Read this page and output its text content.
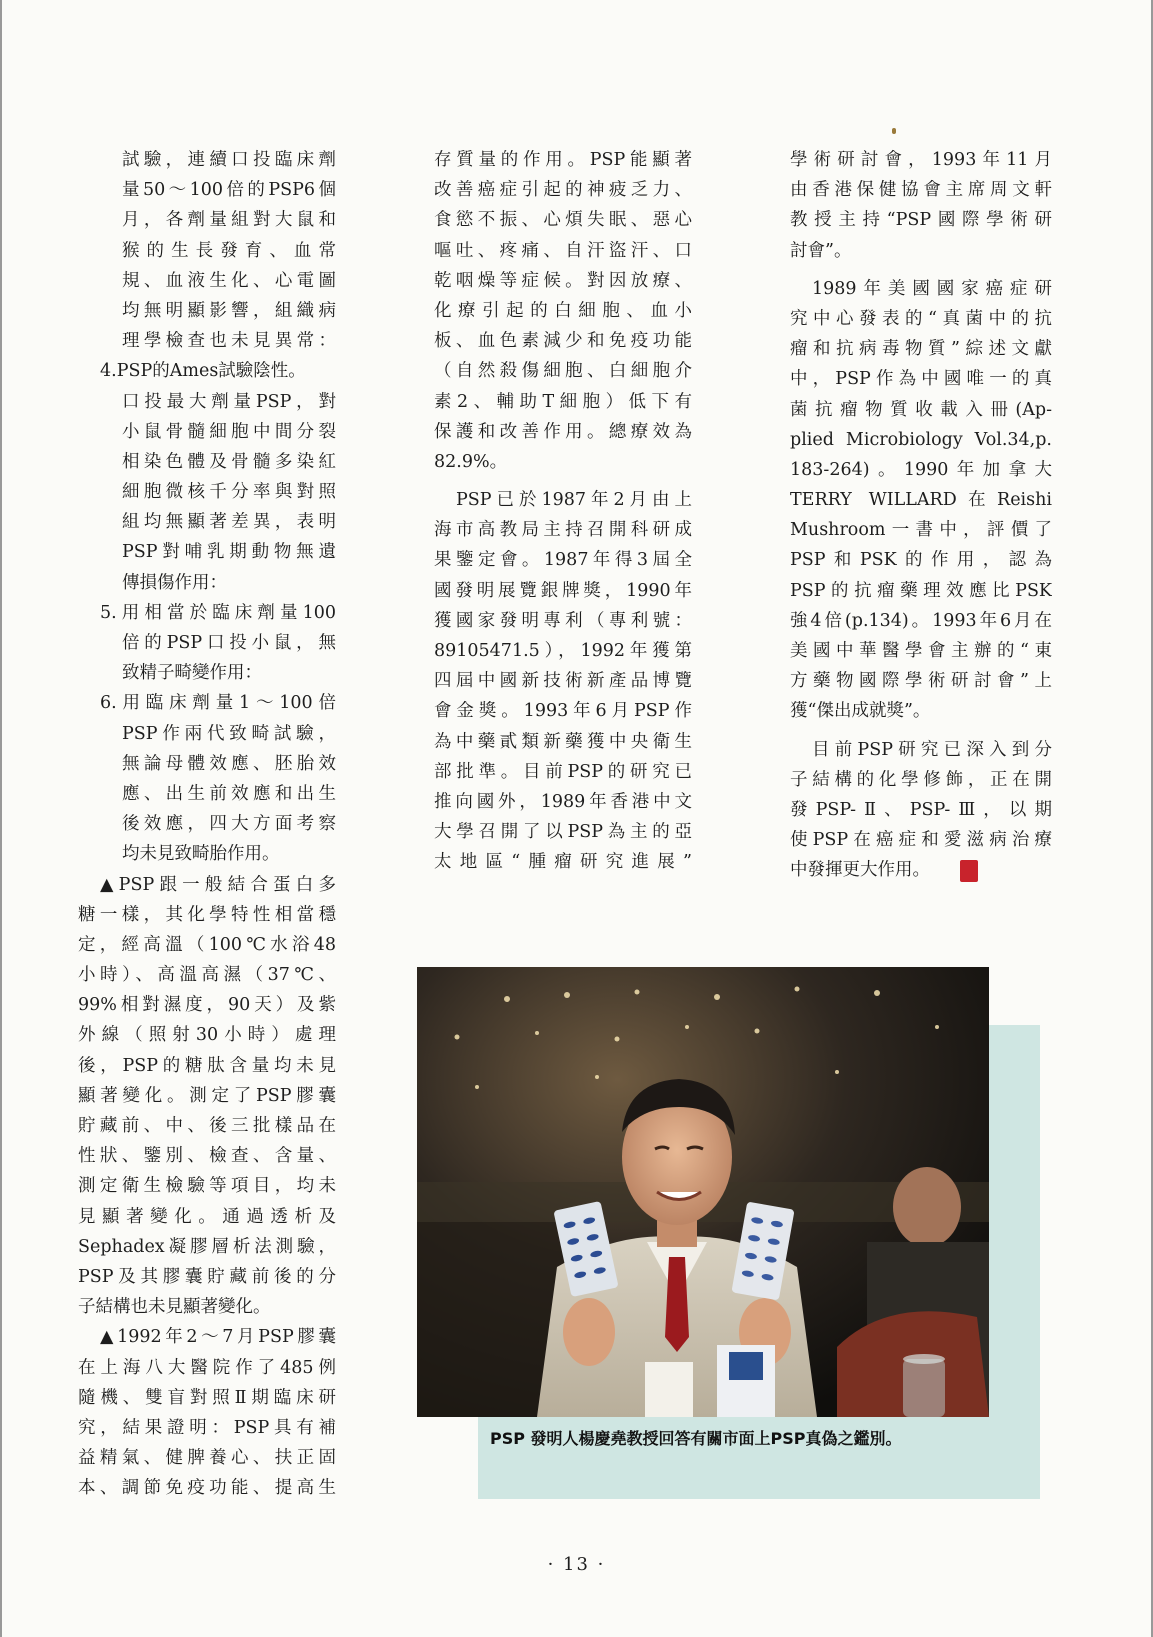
試驗，連續口投臨床劑
量50～100倍的PSP6個
月，各劑量組對大鼠和
猴的生長發育、血常
規、血液生化、心電圖
均無明顯影響，組織病
理學檢查也未見異常：
4.PSP的Ames試驗陰性。
口投最大劑量PSP，對
小鼠骨髓細胞中間分裂
相染色體及骨髓多染紅
細胞微核千分率與對照
組均無顯著差異，表明
PSP對哺乳期動物無遺
傳損傷作用：
5.用相當於臨床劑量100
倍的PSP口投小鼠，無
致精子畸變作用：
6.用臨床劑量1～100倍
PSP作兩代致畸試驗，
無論母體效應、胚胎效
應、出生前效應和出生
後效應，四大方面考察
均未見致畸胎作用。
▲PSP跟一般結合蛋白多
糖一樣，其化學特性相當穩
定，經高溫（100℃水浴48
小時）、高溫高濕（37℃、
99%相對濕度，90天）及紫
外線（照射30小時）處理
後，PSP的糖肽含量均未見
顯著變化。測定了PSP膠囊
貯藏前、中、後三批樣品在
性狀、鑒別、檢查、含量、
測定衛生檢驗等項目，均未
見顯著變化。通過透析及
Sephadex凝膠層析法測驗，
PSP及其膠囊貯藏前後的分
子結構也未見顯著變化。
▲1992年2～7月PSP膠囊
在上海八大醫院作了485例
隨機、雙盲對照Ⅱ期臨床研
究，結果證明：PSP具有補
益精氣、健脾養心、扶正固
本、調節免疫功能、提高生
存質量的作用。PSP能顯著
改善癌症引起的神疲乏力、
食慾不振、心煩失眠、惡心
嘔吐、疼痛、自汗盜汗、口
乾咽燥等症候。對因放療、
化療引起的白細胞、血小
板、血色素減少和免疫功能
（自然殺傷細胞、白細胞介
素2、輔助T細胞）低下有
保護和改善作用。總療效為
82.9%。
PSP已於1987年2月由上
海市高教局主持召開科研成
果鑒定會。1987年得3屆全
國發明展覽銀牌獎，1990年
獲國家發明專利（專利號：
89105471.5），1992年獲第
四屆中國新技術新產品博覽
會金獎。1993年6月PSP作
為中藥貳類新藥獲中央衛生
部批準。目前PSP的研究已
推向國外，1989年香港中文
大學召開了以PSP為主的亞
太地區“腫瘤研究進展”
學術研討會，1993年11月
由香港保健協會主席周文軒
教授主持“PSP國際學術研
討會”。
1989年美國國家癌症研
究中心發表的“真菌中的抗
瘤和抗病毒物質”綜述文獻
中，PSP作為中國唯一的真
菌抗瘤物質收載入冊(Ap-
plied Microbiology Vol.34,p.
183-264)。1990年加拿大
TERRY WILLARD在Reishi
Mushroom一書中，評價了
PSP和PSK的作用，認為
PSP的抗瘤藥理效應比PSK
強4倍(p.134)。1993年6月在
美國中華醫學會主辦的“東
方藥物國際學術研討會”上
獲“傑出成就獎”。
目前PSP研究已深入到分
子結構的化學修飾，正在開
發PSP-Ⅱ、PSP-Ⅲ，以期
使PSP在癌症和愛滋病治療
中發揮更大作用。
PSP 發明人楊慶堯教授回答有關市面上PSP真偽之鑑別。
· 13 ·
